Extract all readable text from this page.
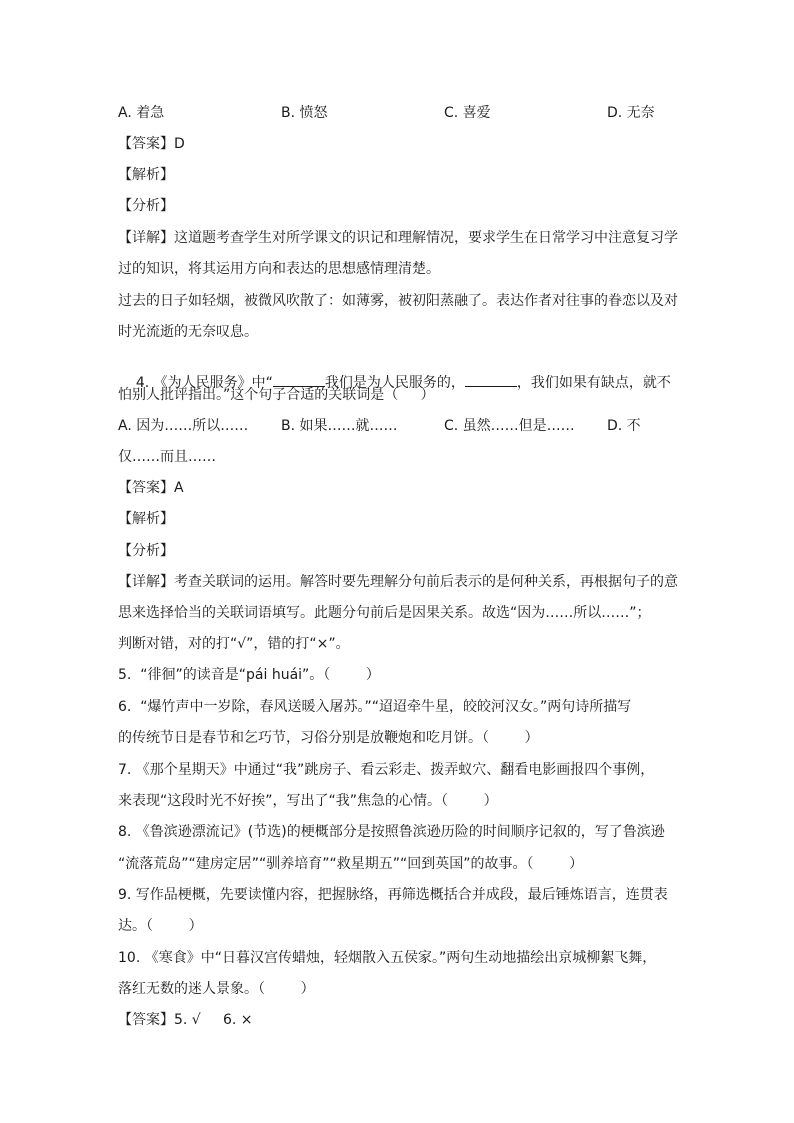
A. 着急	B. 愤怒	C. 喜爱	D. 无奈
【答案】D
【解析】
【分析】
【详解】这道题考查学生对所学课文的识记和理解情况，要求学生在日常学习中注意复习学
过的知识，将其运用方向和表达的思想感情理清楚。
过去的日子如轻烟，被微风吹散了：如薄雾，被初阳蒸融了。表达作者对往事的眷恋以及对
时光流逝的无奈叹息。

4. 《为人民服务》中“	我们是为人民服务的，	，我们如果有缺点，就不

怕别人批评指出。”这个句子合适的关联词是（     ）
A. 因为……所以…… B. 如果……就……	C. 虽然……但是…… D. 不
仅……而且……
【答案】A
【解析】
【分析】
【详解】考查关联词的运用。解答时要先理解分句前后表示的是何种关系，再根据句子的意
思来选择恰当的关联词语填写。此题分句前后是因果关系。故选“因为……所以……”；
判断对错，对的打“√”，错的打“×”。
5.  “徘徊”的读音是“pái huái”。（        ）
6.  “爆竹声中一岁除，春风送暖入屠苏。”“迢迢牵牛星，皎皎河汉女。”两句诗所描写
的传统节日是春节和乞巧节，习俗分别是放鞭炮和吃月饼。（        ）
7. 《那个星期天》中通过“我”跳房子、看云彩走、拨弄蚁穴、翻看电影画报四个事例，
来表现“这段时光不好挨”，写出了“我”焦急的心情。（        ）
8. 《鲁滨逊漂流记》(节选)的梗概部分是按照鲁滨逊历险的时间顺序记叙的，写了鲁滨逊
“流落荒岛”“建房定居”“驯养培育”“救星期五”“回到英国”的故事。（        ）
9. 写作品梗概，先要读懂内容，把握脉络，再筛选概括合并成段，最后锤炼语言，连贯表
达。（        ）
10. 《寒食》中“日暮汉宫传蜡烛，轻烟散入五侯家。”两句生动地描绘出京城柳絮飞舞，
落红无数的迷人景象。（        ）
【答案】5. √     6. ×
